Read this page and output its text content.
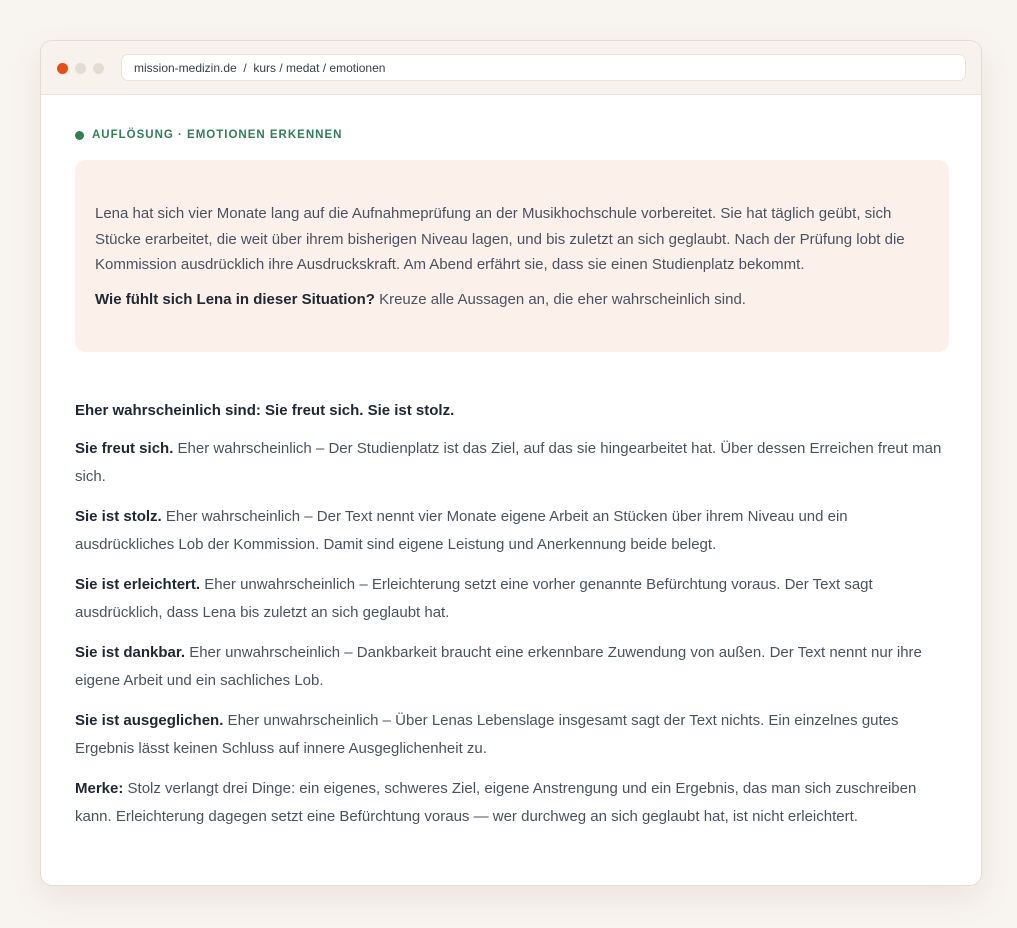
mission-medizin.de  /  kurs / medat / emotionen
AUFLÖSUNG · EMOTIONEN ERKENNEN

Lena hat sich vier Monate lang auf die Aufnahmeprüfung an der Musikhochschule vorbereitet. Sie hat täglich geübt, sich Stücke erarbeitet, die weit über ihrem bisherigen Niveau lagen, und bis zuletzt an sich geglaubt. Nach der Prüfung lobt die Kommission ausdrücklich ihre Ausdruckskraft. Am Abend erfährt sie, dass sie einen Studienplatz bekommt.

Wie fühlt sich Lena in dieser Situation? Kreuze alle Aussagen an, die eher wahrscheinlich sind.

Eher wahrscheinlich sind: Sie freut sich. Sie ist stolz.

Sie freut sich. Eher wahrscheinlich – Der Studienplatz ist das Ziel, auf das sie hingearbeitet hat. Über dessen Erreichen freut man sich.

Sie ist stolz. Eher wahrscheinlich – Der Text nennt vier Monate eigene Arbeit an Stücken über ihrem Niveau und ein ausdrückliches Lob der Kommission. Damit sind eigene Leistung und Anerkennung beide belegt.

Sie ist erleichtert. Eher unwahrscheinlich – Erleichterung setzt eine vorher genannte Befürchtung voraus. Der Text sagt ausdrücklich, dass Lena bis zuletzt an sich geglaubt hat.

Sie ist dankbar. Eher unwahrscheinlich – Dankbarkeit braucht eine erkennbare Zuwendung von außen. Der Text nennt nur ihre eigene Arbeit und ein sachliches Lob.

Sie ist ausgeglichen. Eher unwahrscheinlich – Über Lenas Lebenslage insgesamt sagt der Text nichts. Ein einzelnes gutes Ergebnis lässt keinen Schluss auf innere Ausgeglichenheit zu.

Merke: Stolz verlangt drei Dinge: ein eigenes, schweres Ziel, eigene Anstrengung und ein Ergebnis, das man sich zuschreiben kann. Erleichterung dagegen setzt eine Befürchtung voraus — wer durchweg an sich geglaubt hat, ist nicht erleichtert.
